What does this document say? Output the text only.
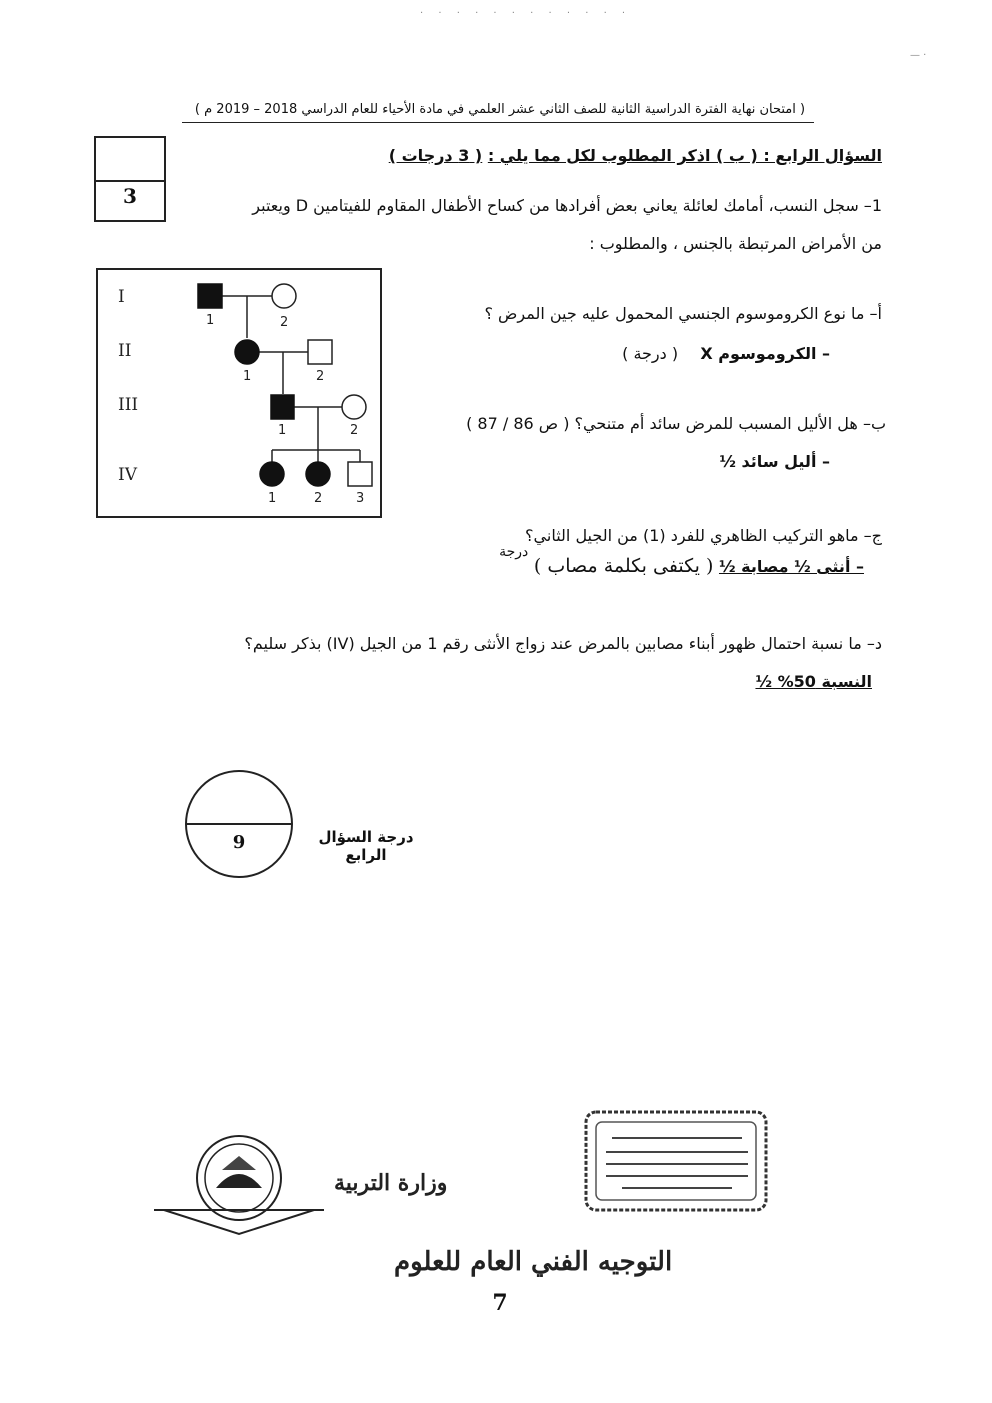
· · · · · · · · · · · ·
— ·
( امتحان نهاية الفترة الدراسية الثانية للصف الثاني عشر العلمي في مادة الأحياء للعام الدراسي 2018 – 2019 م )
3
السؤال الرابع : ( ب ) اذكر المطلوب لكل مما يلي : ( 3 درجات )
1– سجل النسب، أمامك لعائلة يعاني بعض أفرادها من كساح الأطفال المقاوم للفيتامين D ويعتبر
من الأمراض المرتبطة بالجنس ، والمطلوب :
I
II
III
IV
1	2
1	2
1	2
1	2	3
أ– ما نوع الكروموسوم الجنسي المحمول عليه جين المرض ؟
– الكروموسوم X    ( درجة )
ب– هل الأليل المسبب للمرض سائد أم متنحي؟ ( ص 86 / 87 )
– أليل سائد ½
ج– ماهو التركيب الظاهري للفرد (1) من الجيل الثاني؟
– أنثى ½ مصابة ½ ( يكتفى بكلمة مصاب ) درجة
د– ما نسبة احتمال ظهور أبناء مصابين بالمرض عند زواج الأنثى رقم 1 من الجيل (IV) بذكر سليم؟
النسبة 50% ½
9	درجة السؤال الرابع
وزارة التربية
التوجيه الفني العام للعلوم
7
